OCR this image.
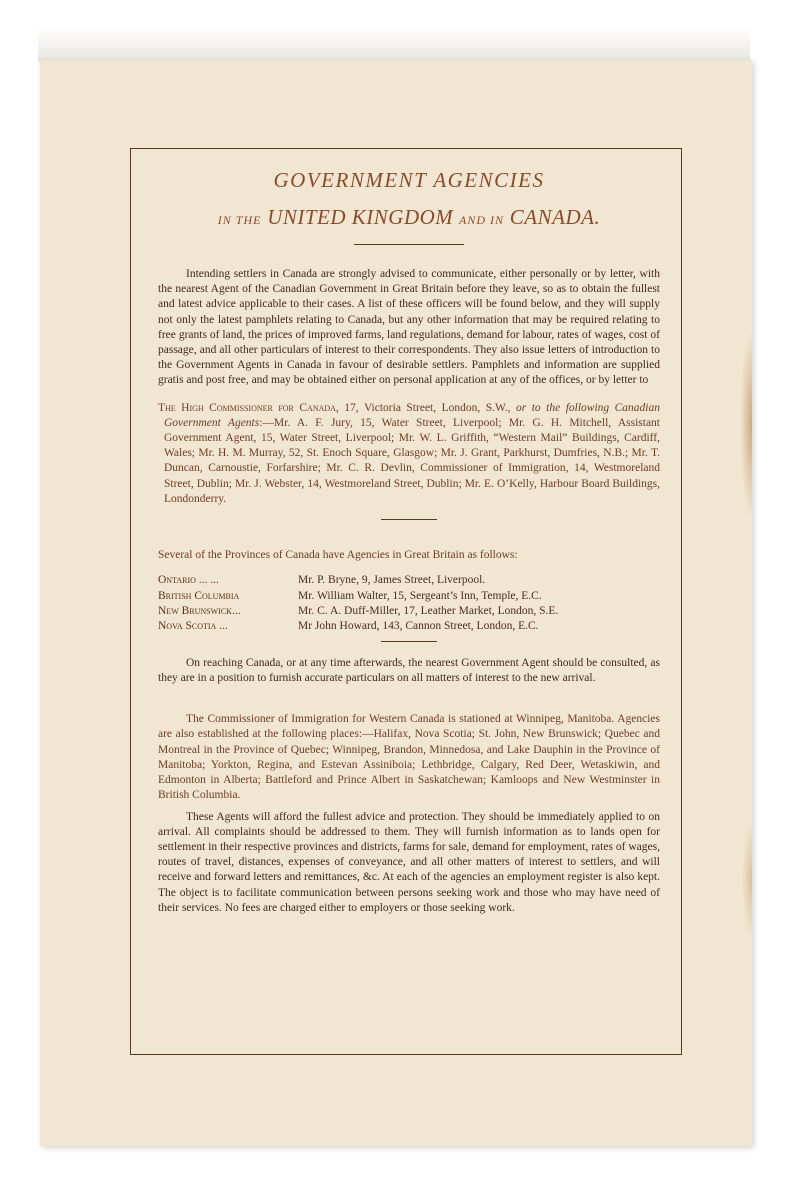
GOVERNMENT AGENCIES
IN THE UNITED KINGDOM AND IN CANADA.
Intending settlers in Canada are strongly advised to communicate, either personally or by letter, with the nearest Agent of the Canadian Government in Great Britain before they leave, so as to obtain the fullest and latest advice applicable to their cases. A list of these officers will be found below, and they will supply not only the latest pamphlets relating to Canada, but any other information that may be required relating to free grants of land, the prices of improved farms, land regulations, demand for labour, rates of wages, cost of passage, and all other particulars of interest to their correspondents. They also issue letters of introduction to the Government Agents in Canada in favour of desirable settlers. Pamphlets and information are supplied gratis and post free, and may be obtained either on personal application at any of the offices, or by letter to
The High Commissioner for Canada, 17, Victoria Street, London, S.W., or to the following Canadian Government Agents:—Mr. A. F. Jury, 15, Water Street, Liverpool; Mr. G. H. Mitchell, Assistant Government Agent, 15, Water Street, Liverpool; Mr. W. L. Griffith, “Western Mail” Buildings, Cardiff, Wales; Mr. H. M. Murray, 52, St. Enoch Square, Glasgow; Mr. J. Grant, Parkhurst, Dumfries, N.B.; Mr. T. Duncan, Carnoustie, Forfarshire; Mr. C. R. Devlin, Commissioner of Immigration, 14, Westmoreland Street, Dublin; Mr. J. Webster, 14, Westmoreland Street, Dublin; Mr. E. O’Kelly, Harbour Board Buildings, Londonderry.
Several of the Provinces of Canada have Agencies in Great Britain as follows:
Ontario ... ...	Mr. P. Bryne, 9, James Street, Liverpool.
British Columbia	Mr. William Walter, 15, Sergeant’s Inn, Temple, E.C.
New Brunswick...	Mr. C. A. Duff-Miller, 17, Leather Market, London, S.E.
Nova Scotia ...	Mr John Howard, 143, Cannon Street, London, E.C.
On reaching Canada, or at any time afterwards, the nearest Government Agent should be consulted, as they are in a position to furnish accurate particulars on all matters of interest to the new arrival.
The Commissioner of Immigration for Western Canada is stationed at Winnipeg, Manitoba. Agencies are also established at the following places:—Halifax, Nova Scotia; St. John, New Brunswick; Quebec and Montreal in the Province of Quebec; Winnipeg, Brandon, Minnedosa, and Lake Dauphin in the Province of Manitoba; Yorkton, Regina, and Estevan Assiniboia; Lethbridge, Calgary, Red Deer, Wetaskiwin, and Edmonton in Alberta; Battleford and Prince Albert in Saskatchewan; Kamloops and New Westminster in British Columbia.
These Agents will afford the fullest advice and protection. They should be immediately applied to on arrival. All complaints should be addressed to them. They will furnish information as to lands open for settlement in their respective provinces and districts, farms for sale, demand for employment, rates of wages, routes of travel, distances, expenses of conveyance, and all other matters of interest to settlers, and will receive and forward letters and remittances, &c. At each of the agencies an employment register is also kept. The object is to facilitate communication between persons seeking work and those who may have need of their services. No fees are charged either to employers or those seeking work.
